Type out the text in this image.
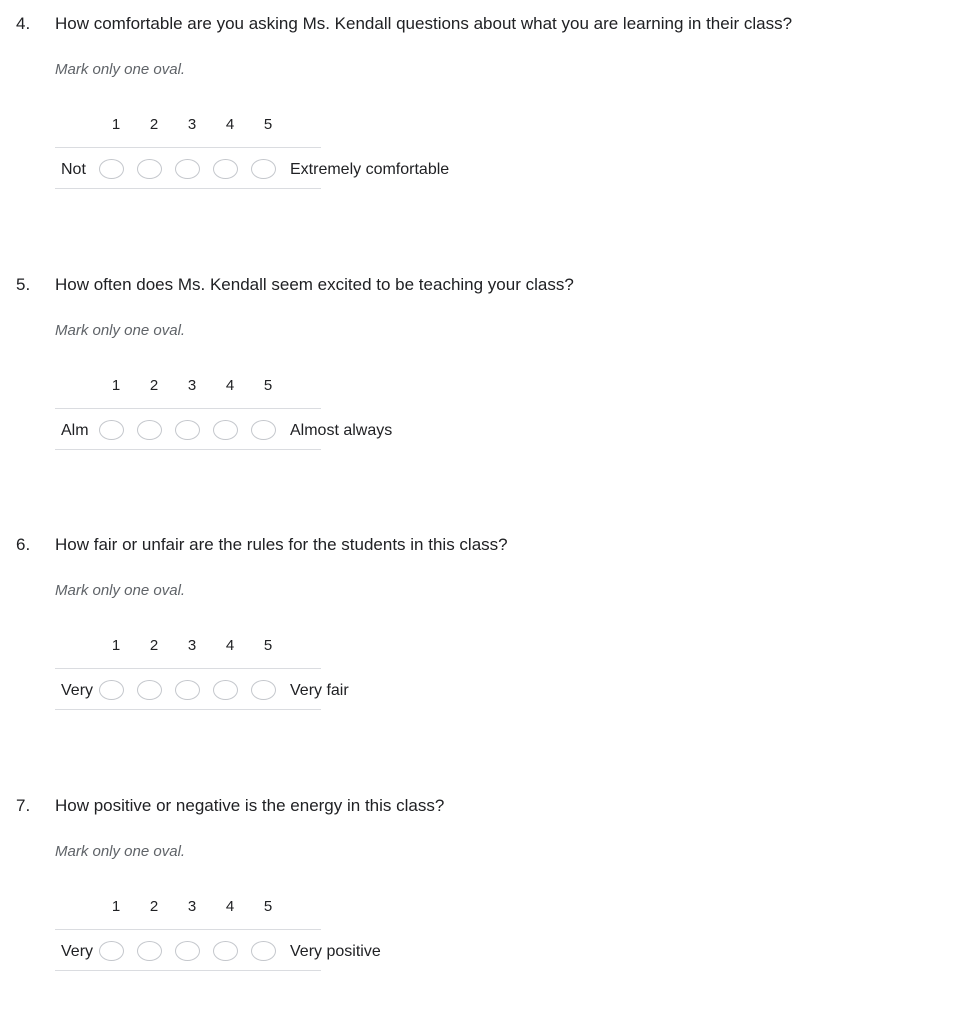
4. How comfortable are you asking Ms. Kendall questions about what you are learning in their class?
Mark only one oval.
1	2	3	4	5
Not	Extremely comfortable
5. How often does Ms. Kendall seem excited to be teaching your class?
Mark only one oval.
1	2	3	4	5
Alm	Almost always
6. How fair or unfair are the rules for the students in this class?
Mark only one oval.
1	2	3	4	5
Very	Very fair
7. How positive or negative is the energy in this class?
Mark only one oval.
1	2	3	4	5
Very	Very positive
